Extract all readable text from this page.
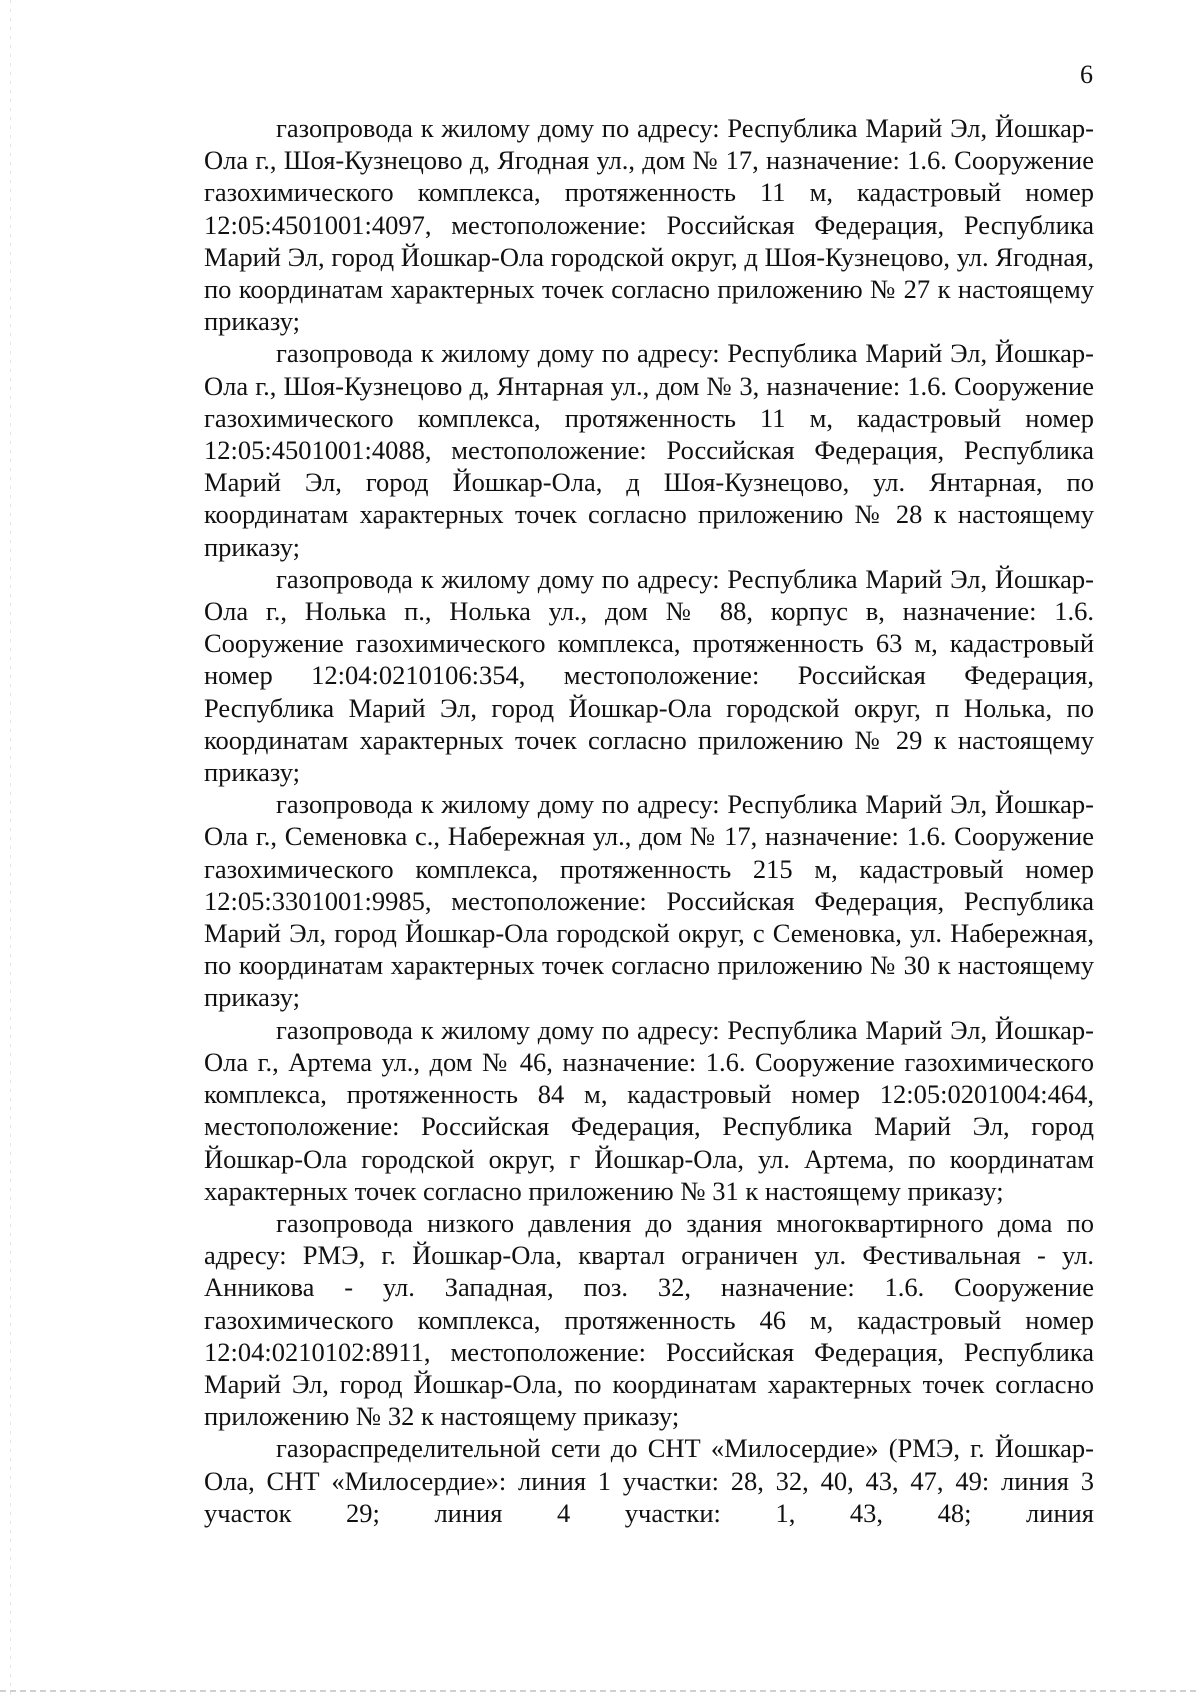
6

газопровода к жилому дому по адресу: Республика Марий Эл, Йошкар-Ола г., Шоя-Кузнецово д, Ягодная ул., дом № 17, назначение: 1.6. Сооружение газохимического комплекса, протяженность 11 м, кадастровый номер 12:05:4501001:4097, местоположение: Российская Федерация, Республика Марий Эл, город Йошкар-Ола городской округ, д Шоя-Кузнецово, ул. Ягодная, по координатам характерных точек согласно приложению № 27 к настоящему приказу;

газопровода к жилому дому по адресу: Республика Марий Эл, Йошкар-Ола г., Шоя-Кузнецово д, Янтарная ул., дом № 3, назначение: 1.6. Сооружение газохимического комплекса, протяженность 11 м, кадастровый номер 12:05:4501001:4088, местоположение: Российская Федерация, Республика Марий Эл, город Йошкар-Ола, д Шоя-Кузнецово, ул. Янтарная, по координатам характерных точек согласно приложению № 28 к настоящему приказу;

газопровода к жилому дому по адресу: Республика Марий Эл, Йошкар-Ола г., Нолька п., Нолька ул., дом № 88, корпус в, назначение: 1.6. Сооружение газохимического комплекса, протяженность 63 м, кадастровый номер 12:04:0210106:354, местоположение: Российская Федерация, Республика Марий Эл, город Йошкар-Ола городской округ, п Нолька, по координатам характерных точек согласно приложению № 29 к настоящему приказу;

газопровода к жилому дому по адресу: Республика Марий Эл, Йошкар-Ола г., Семеновка с., Набережная ул., дом № 17, назначение: 1.6. Сооружение газохимического комплекса, протяженность 215 м, кадастровый номер 12:05:3301001:9985, местоположение: Российская Федерация, Республика Марий Эл, город Йошкар-Ола городской округ, с Семеновка, ул. Набережная, по координатам характерных точек согласно приложению № 30 к настоящему приказу;

газопровода к жилому дому по адресу: Республика Марий Эл, Йошкар-Ола г., Артема ул., дом № 46, назначение: 1.6. Сооружение газохимического комплекса, протяженность 84 м, кадастровый номер 12:05:0201004:464, местоположение: Российская Федерация, Республика Марий Эл, город Йошкар-Ола городской округ, г Йошкар-Ола, ул. Артема, по координатам характерных точек согласно приложению № 31 к настоящему приказу;

газопровода низкого давления до здания многоквартирного дома по адресу: РМЭ, г. Йошкар-Ола, квартал ограничен ул. Фестивальная - ул. Анникова - ул. Западная, поз. 32, назначение: 1.6. Сооружение газохимического комплекса, протяженность 46 м, кадастровый номер 12:04:0210102:8911, местоположение: Российская Федерация, Республика Марий Эл, город Йошкар-Ола, по координатам характерных точек согласно приложению № 32 к настоящему приказу;

газораспределительной сети до СНТ «Милосердие» (РМЭ, г. Йошкар-Ола, СНТ «Милосердие»: линия 1 участки: 28, 32, 40, 43, 47, 49: линия 3 участок 29; линия 4 участки: 1, 43, 48; линия
